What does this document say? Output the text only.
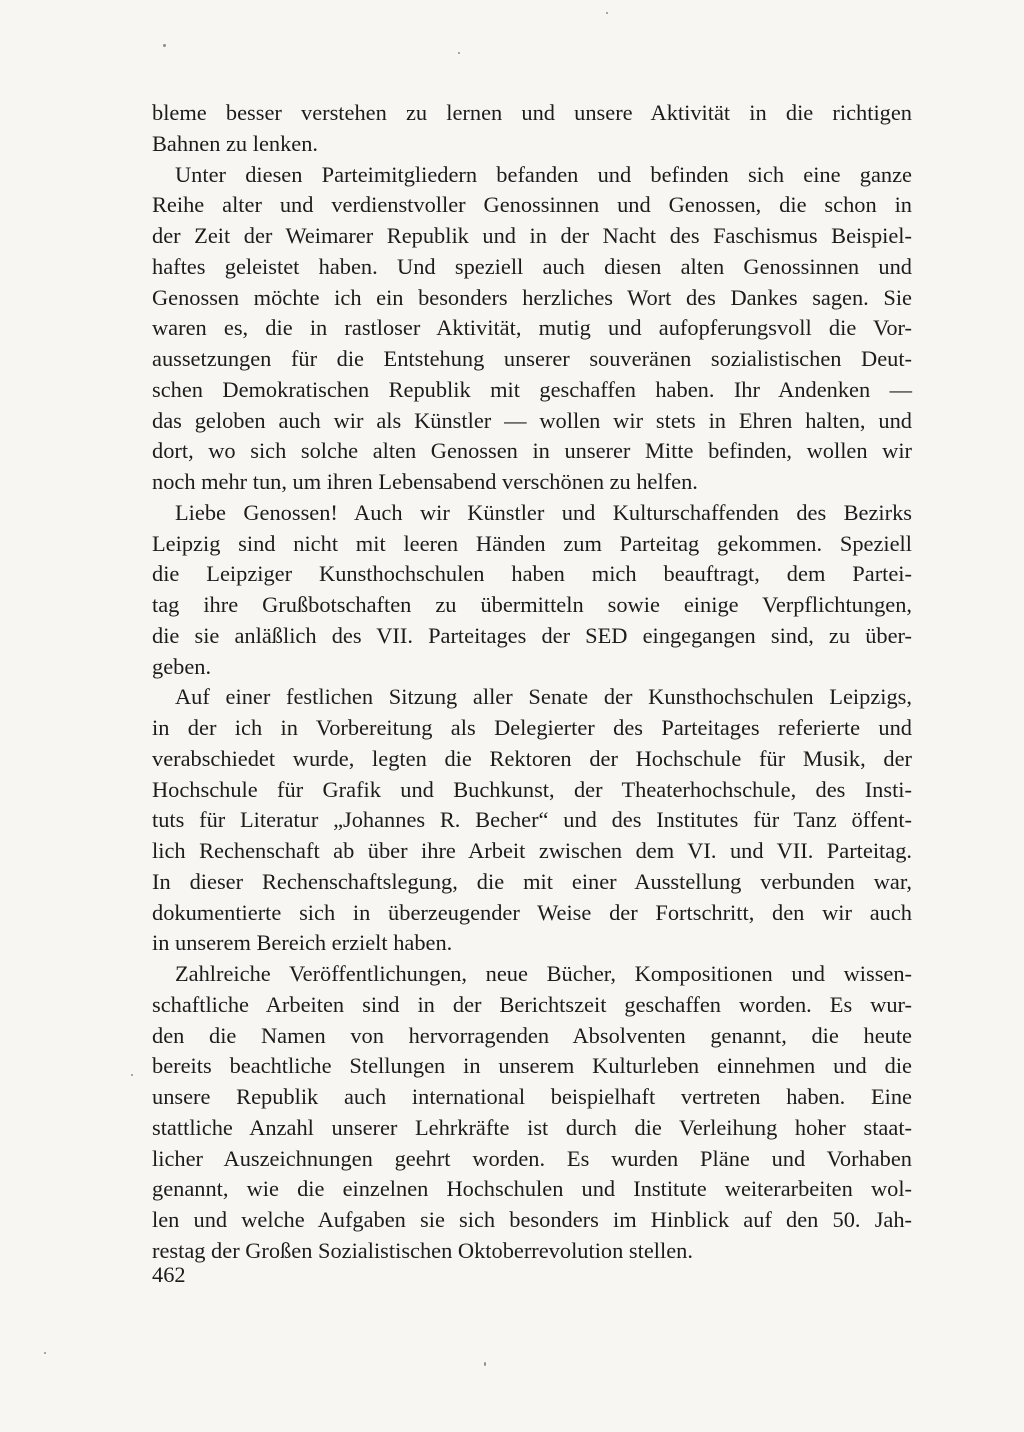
bleme besser verstehen zu lernen und unsere Aktivität in die richtigen
Bahnen zu lenken.

Unter diesen Parteimitgliedern befanden und befinden sich eine ganze
Reihe alter und verdienstvoller Genossinnen und Genossen, die schon in
der Zeit der Weimarer Republik und in der Nacht des Faschismus Beispiel-
haftes geleistet haben. Und speziell auch diesen alten Genossinnen und
Genossen möchte ich ein besonders herzliches Wort des Dankes sagen. Sie
waren es, die in rastloser Aktivität, mutig und aufopferungsvoll die Vor-
aussetzungen für die Entstehung unserer souveränen sozialistischen Deut-
schen Demokratischen Republik mit geschaffen haben. Ihr Andenken —
das geloben auch wir als Künstler — wollen wir stets in Ehren halten, und
dort, wo sich solche alten Genossen in unserer Mitte befinden, wollen wir
noch mehr tun, um ihren Lebensabend verschönen zu helfen.

Liebe Genossen! Auch wir Künstler und Kulturschaffenden des Bezirks
Leipzig sind nicht mit leeren Händen zum Parteitag gekommen. Speziell
die Leipziger Kunsthochschulen haben mich beauftragt, dem Partei-
tag ihre Grußbotschaften zu übermitteln sowie einige Verpflichtungen,
die sie anläßlich des VII. Parteitages der SED eingegangen sind, zu über-
geben.

Auf einer festlichen Sitzung aller Senate der Kunsthochschulen Leipzigs,
in der ich in Vorbereitung als Delegierter des Parteitages referierte und
verabschiedet wurde, legten die Rektoren der Hochschule für Musik, der
Hochschule für Grafik und Buchkunst, der Theaterhochschule, des Insti-
tuts für Literatur „Johannes R. Becher“ und des Institutes für Tanz öffent-
lich Rechenschaft ab über ihre Arbeit zwischen dem VI. und VII. Parteitag.
In dieser Rechenschaftslegung, die mit einer Ausstellung verbunden war,
dokumentierte sich in überzeugender Weise der Fortschritt, den wir auch
in unserem Bereich erzielt haben.

Zahlreiche Veröffentlichungen, neue Bücher, Kompositionen und wissen-
schaftliche Arbeiten sind in der Berichtszeit geschaffen worden. Es wur-
den die Namen von hervorragenden Absolventen genannt, die heute
bereits beachtliche Stellungen in unserem Kulturleben einnehmen und die
unsere Republik auch international beispielhaft vertreten haben. Eine
stattliche Anzahl unserer Lehrkräfte ist durch die Verleihung hoher staat-
licher Auszeichnungen geehrt worden. Es wurden Pläne und Vorhaben
genannt, wie die einzelnen Hochschulen und Institute weiterarbeiten wol-
len und welche Aufgaben sie sich besonders im Hinblick auf den 50. Jah-
restag der Großen Sozialistischen Oktoberrevolution stellen.

462
